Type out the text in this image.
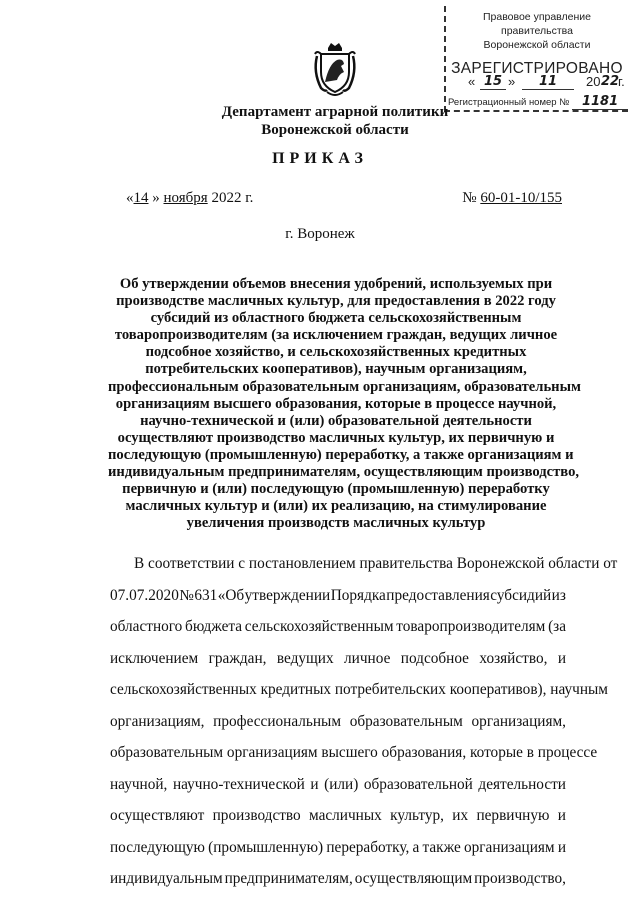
Правовое управление правительства
Воронежской области
ЗАРЕГИСТРИРОВАНО
« 15 »	11	20 22
г.
Регистрационный номер № 1181
Департамент аграрной политики
Воронежской области
ПРИКАЗ
«14 » ноября 2022 г.	№ 60-01-10/155
г. Воронеж
Об утверждении объемов внесения удобрений, используемых при
производстве масличных культур, для предоставления в 2022 году
субсидий из областного бюджета сельскохозяйственным
товаропроизводителям (за исключением граждан, ведущих личное
подсобное хозяйство, и сельскохозяйственных кредитных
потребительских кооперативов), научным организациям,
профессиональным образовательным организациям, образовательным
организациям высшего образования, которые в процессе научной,
научно-технической и (или) образовательной деятельности
осуществляют производство масличных культур, их первичную и
последующую (промышленную) переработку, а также организациям и
индивидуальным предпринимателям, осуществляющим производство,
первичную и (или) последующую (промышленную) переработку
масличных культур и (или) их реализацию, на стимулирование
увеличения производств масличных культур
В соответствии с постановлением правительства Воронежской области от
07.07.2020 № 631 «Об утверждении Порядка предоставления субсидий из
областного бюджета сельскохозяйственным товаропроизводителям (за
исключением граждан, ведущих личное подсобное хозяйство, и
сельскохозяйственных кредитных потребительских кооперативов), научным
организациям, профессиональным образовательным организациям,
образовательным организациям высшего образования, которые в процессе
научной, научно-технической и (или) образовательной деятельности
осуществляют производство масличных культур, их первичную и
последующую (промышленную) переработку, а также организациям и
индивидуальным предпринимателям, осуществляющим производство,
